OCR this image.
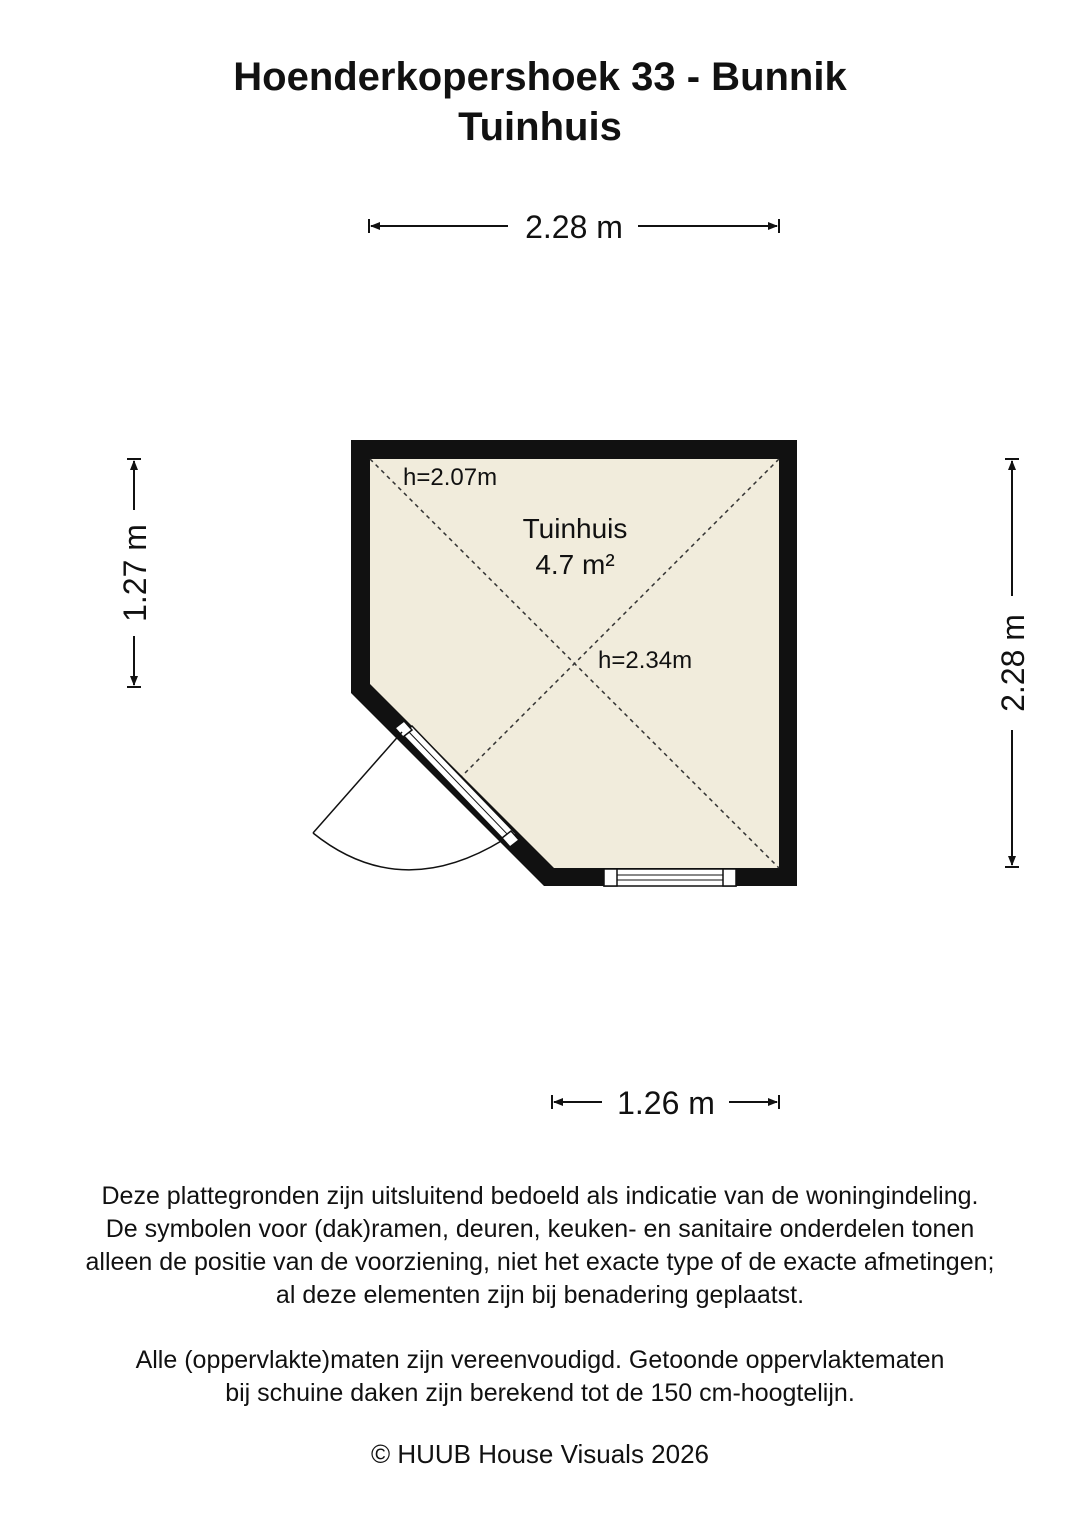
Hoenderkopershoek 33 - Bunnik
Tuinhuis
2.28 m
1.27 m
2.28 m
1.26 m
Tuinhuis
4.7 m²
h=2.07m
h=2.34m
Deze plattegronden zijn uitsluitend bedoeld als indicatie van de woningindeling.
De symbolen voor (dak)ramen, deuren, keuken- en sanitaire onderdelen tonen
alleen de positie van de voorziening, niet het exacte type of de exacte afmetingen;
al deze elementen zijn bij benadering geplaatst.
Alle (oppervlakte)maten zijn vereenvoudigd. Getoonde oppervlaktematen
bij schuine daken zijn berekend tot de 150 cm-hoogtelijn.
© HUUB House Visuals 2026
